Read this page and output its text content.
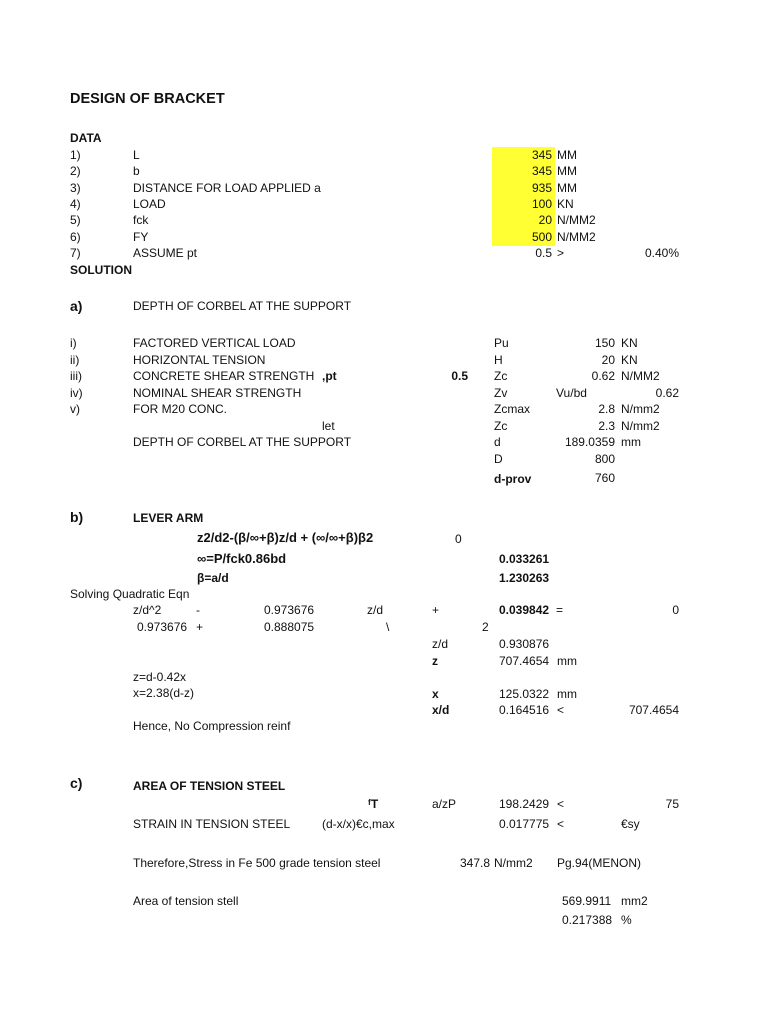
DESIGN OF BRACKET
DATA
1)	L	345 MM
2)	b	345 MM
3)	DISTANCE FOR LOAD APPLIED a	935 MM
4)	LOAD	100 KN
5)	fck	20 N/MM2
6)	FY	500 N/MM2
7)	ASSUME pt	0.5 >	0.40%
SOLUTION
a)	DEPTH OF CORBEL AT THE SUPPORT
i)	FACTORED VERTICAL LOAD	Pu	150 KN
ii)	HORIZONTAL TENSION	H	20 KN
iii)	CONCRETE SHEAR STRENGTH ,pt	0.5 Zc	0.62 N/MM2
iv)	NOMINAL SHEAR STRENGTH	Zv	Vu/bd	0.62
v)	FOR M20 CONC.	Zcmax	2.8 N/mm2
let	Zc	2.3 N/mm2
DEPTH OF CORBEL AT THE SUPPORT	d	189.0359 mm
D	800
d-prov	760
b)	LEVER ARM
z2/d2-(β/∞+β)z/d + (∞/∞+β)β2	0
∞=P/fck0.86bd	0.033261
β=a/d	1.230263
Solving Quadratic Eqn
z/d^2	-	0.973676	z/d	+	0.039842 =	0
0.973676 +	0.888075	\	2
z/d	0.930876
z	707.4654 mm
z=d-0.42x
x=2.38(d-z)	x	125.0322 mm
x/d	0.164516 <	707.4654
Hence, No Compression reinf
c)	AREA OF TENSION STEEL
ᶠT	a/zP	198.2429 <	75
STRAIN IN TENSION STEEL	(d-x/x)€c,max	0.017775 <	€sy
Therefore,Stress in Fe 500 grade tension steel	347.8 N/mm2 Pg.94(MENON)
Area of tension stell	569.9911 mm2
0.217388 %
